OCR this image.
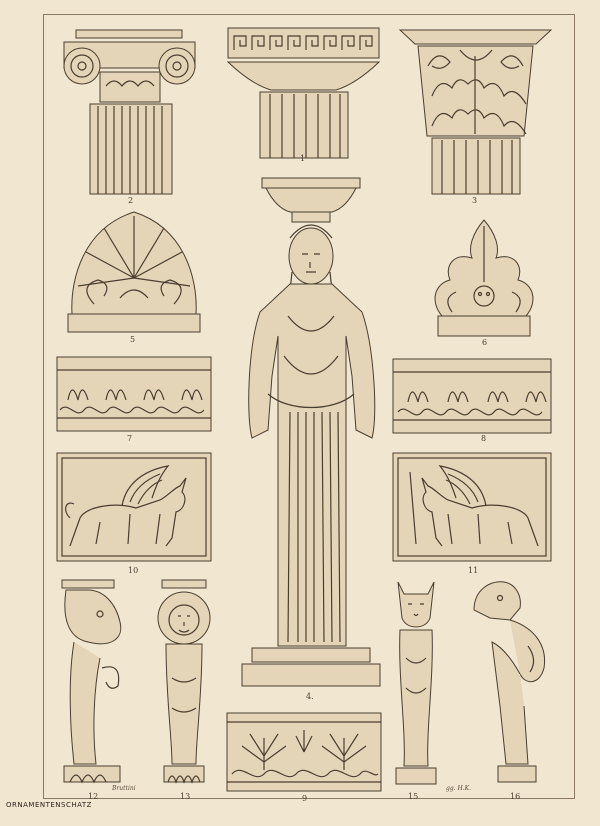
2
1
3
5	6
7	8
10	11
4.
12
Bruttini
13	9	15
gg. H.K.
16
ORNAMENTENSCHATZ
